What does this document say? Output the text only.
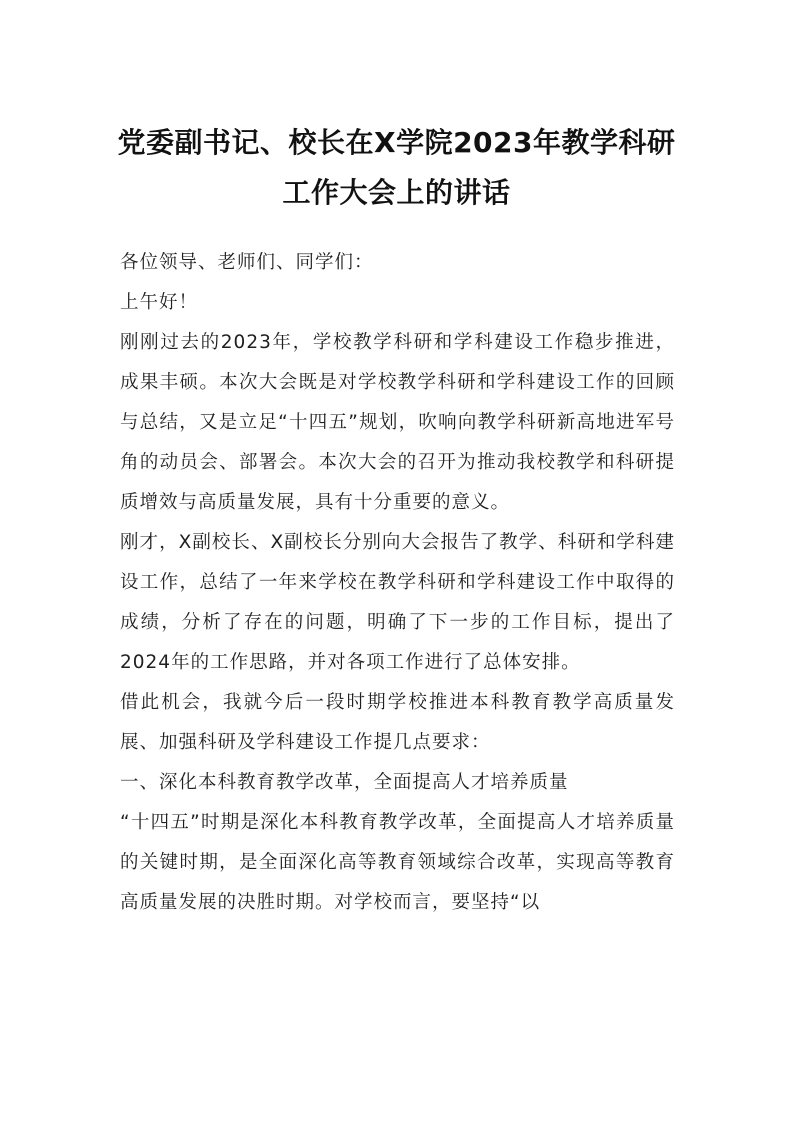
党委副书记、校长在X学院2023年教学科研工作大会上的讲话

各位领导、老师们、同学们：

上午好！

刚刚过去的2023年，学校教学科研和学科建设工作稳步推进，成果丰硕。本次大会既是对学校教学科研和学科建设工作的回顾与总结，又是立足“十四五”规划，吹响向教学科研新高地进军号角的动员会、部署会。本次大会的召开为推动我校教学和科研提质增效与高质量发展，具有十分重要的意义。

刚才，X副校长、X副校长分别向大会报告了教学、科研和学科建设工作，总结了一年来学校在教学科研和学科建设工作中取得的成绩，分析了存在的问题，明确了下一步的工作目标，提出了2024年的工作思路，并对各项工作进行了总体安排。

借此机会，我就今后一段时期学校推进本科教育教学高质量发展、加强科研及学科建设工作提几点要求：

一、深化本科教育教学改革，全面提高人才培养质量

“十四五”时期是深化本科教育教学改革，全面提高人才培养质量的关键时期，是全面深化高等教育领域综合改革，实现高等教育高质量发展的决胜时期。对学校而言，要坚持“以
